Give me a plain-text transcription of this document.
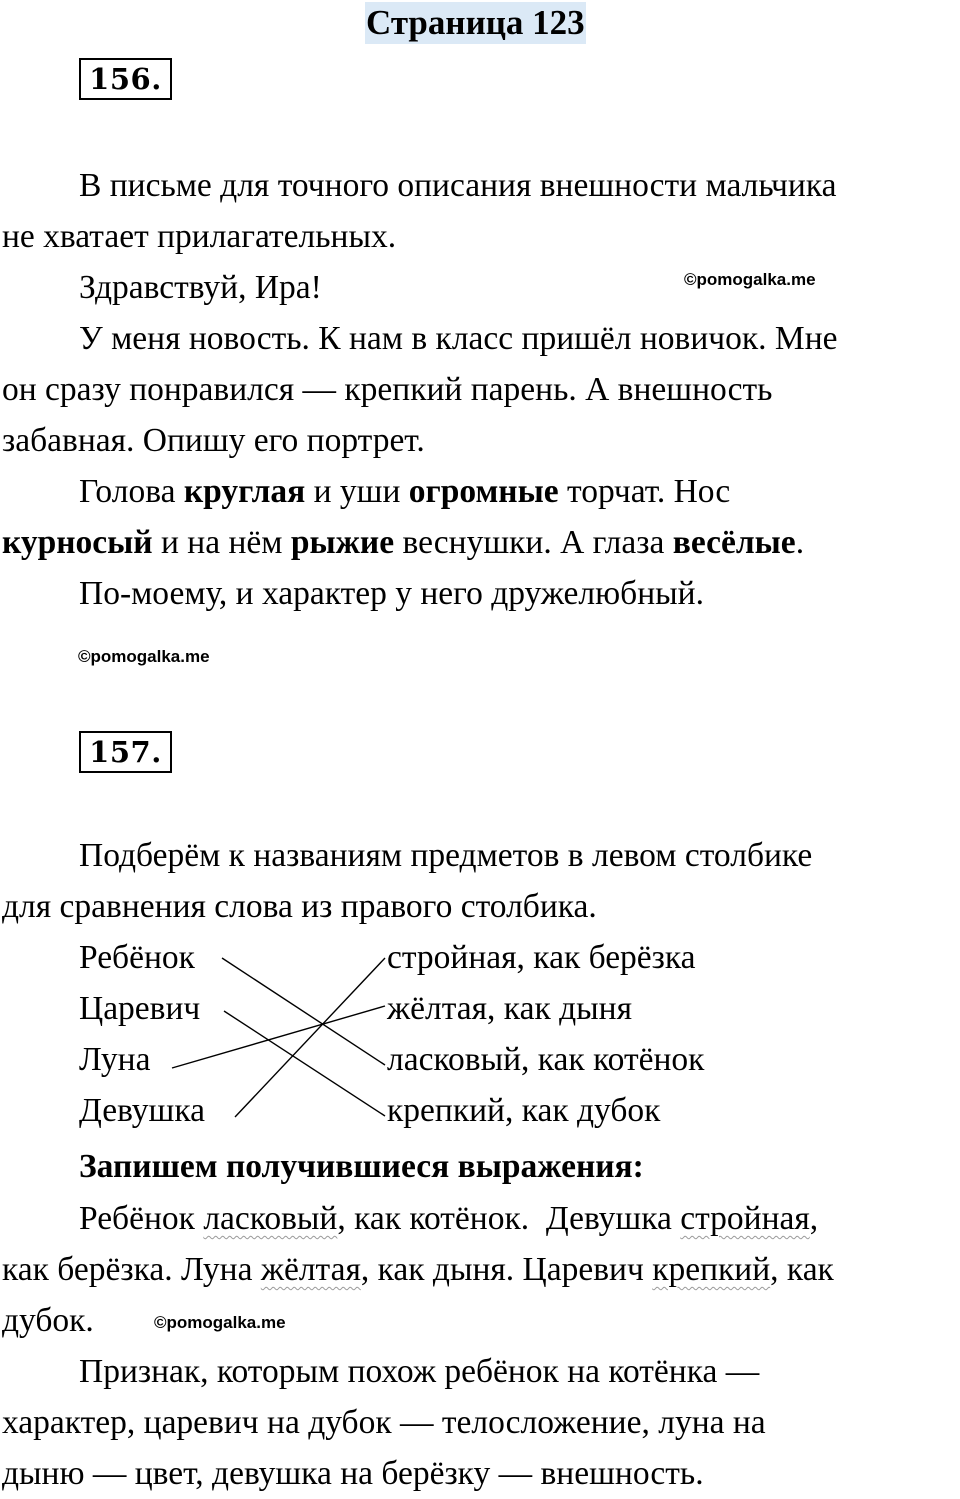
Страница 123
156.
В письме для точного описания внешности мальчика
не хватает прилагательных.
Здравствуй, Ира!	©pomogalka.me
У меня новость. К нам в класс пришёл новичок. Мне
он сразу понравился — крепкий парень. А внешность
забавная. Опишу его портрет.
Голова круглая и уши огромные торчат. Нос
курносый и на нём рыжие веснушки. А глаза весёлые.
По-моему, и характер у него дружелюбный.
©pomogalka.me
157.
Подберём к названиям предметов в левом столбике
для сравнения слова из правого столбика.
Ребёнок
Царевич
Луна
Девушка
стройная, как берёзка
жёлтая, как дыня
ласковый, как котёнок
крепкий, как дубок
Запишем получившиеся выражения:
Ребёнок ласковый, как котёнок.  Девушка стройная,
как берёзка. Луна жёлтая, как дыня. Царевич крепкий, как
дубок.	©pomogalka.me
Признак, которым похож ребёнок на котёнка —
характер, царевич на дубок — телосложение, луна на
дыню — цвет, девушка на берёзку — внешность.
